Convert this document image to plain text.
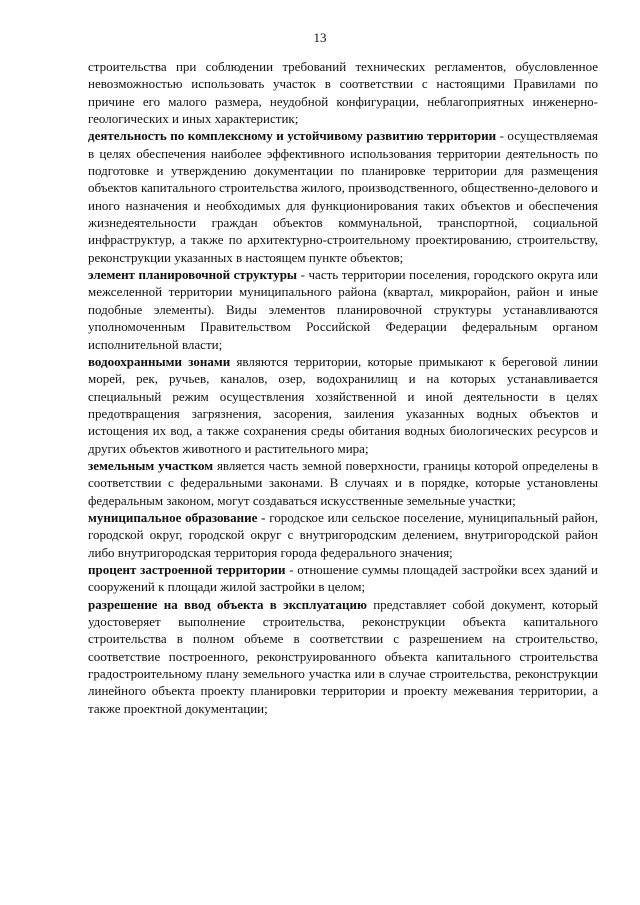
13

строительства при соблюдении требований технических регламентов, обусловленное невозможностью использовать участок в соответствии с настоящими Правилами по причине его малого размера, неудобной конфигурации, неблагоприятных инженерно-геологических и иных характеристик;

деятельность по комплексному и устойчивому развитию территории - осуществляемая в целях обеспечения наиболее эффективного использования территории деятельность по подготовке и утверждению документации по планировке территории для размещения объектов капитального строительства жилого, производственного, общественно-делового и иного назначения и необходимых для функционирования таких объектов и обеспечения жизнедеятельности граждан объектов коммунальной, транспортной, социальной инфраструктур, а также по архитектурно-строительному проектированию, строительству, реконструкции указанных в настоящем пункте объектов;

элемент планировочной структуры - часть территории поселения, городского округа или межселенной территории муниципального района (квартал, микрорайон, район и иные подобные элементы). Виды элементов планировочной структуры устанавливаются уполномоченным Правительством Российской Федерации федеральным органом исполнительной власти;

водоохранными зонами являются территории, которые примыкают к береговой линии морей, рек, ручьев, каналов, озер, водохранилищ и на которых устанавливается специальный режим осуществления хозяйственной и иной деятельности в целях предотвращения загрязнения, засорения, заиления указанных водных объектов и истощения их вод, а также сохранения среды обитания водных биологических ресурсов и других объектов животного и растительного мира;

земельным участком является часть земной поверхности, границы которой определены в соответствии с федеральными законами. В случаях и в порядке, которые установлены федеральным законом, могут создаваться искусственные земельные участки;

муниципальное образование - городское или сельское поселение, муниципальный район, городской округ, городской округ с внутригородским делением, внутригородской район либо внутригородская территория города федерального значения;

процент застроенной территории - отношение суммы площадей застройки всех зданий и сооружений к площади жилой застройки в целом;

разрешение на ввод объекта в эксплуатацию представляет собой документ, который удостоверяет выполнение строительства, реконструкции объекта капитального строительства в полном объеме в соответствии с разрешением на строительство, соответствие построенного, реконструированного объекта капитального строительства градостроительному плану земельного участка или в случае строительства, реконструкции линейного объекта проекту планировки территории и проекту межевания территории, а также проектной документации;
